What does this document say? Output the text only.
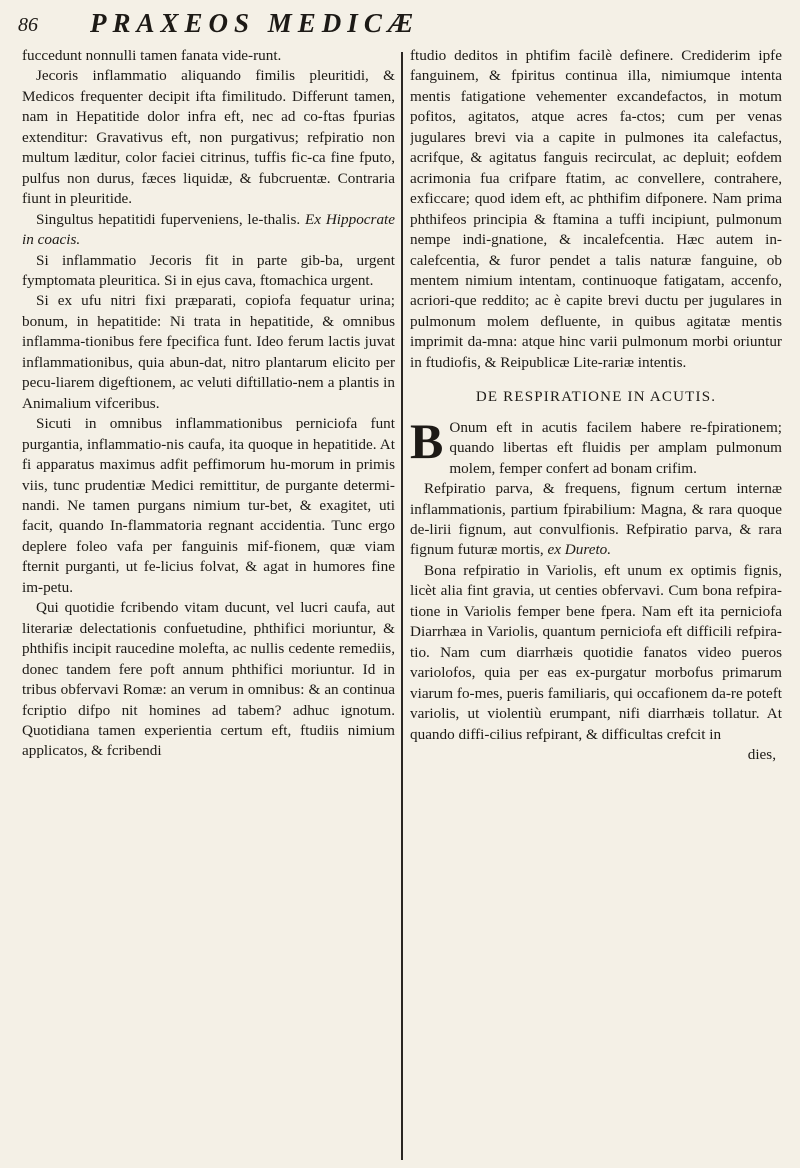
86 PRAXEOS MEDICÆ

fuccedunt nonnulli tamen fanata vide-runt.

Jecoris inflammatio aliquando fimilis pleuritidi, & Medicos frequenter decipit ifta fimilitudo. Differunt tamen, nam in Hepatitide dolor infra eft, nec ad co-ftas fpurias extenditur: Gravativus eft, non purgativus; refpiratio non multum læditur, color faciei citrinus, tuffis fic-ca fine fputo, pulfus non durus, fæces liquidæ, & fubcruentæ. Contraria fiunt in pleuritide.

Singultus hepatitidi fuperveniens, le-thalis. Ex Hippocrate in coacis.

Si inflammatio Jecoris fit in parte gib-ba, urgent fymptomata pleuritica. Si in ejus cava, ftomachica urgent.

Si ex ufu nitri fixi præparati, copiofa fequatur urina; bonum, in hepatitide: Ni trata in hepatitide, & omnibus inflamma-tionibus fere fpecifica funt. Ideo ferum lactis juvat inflammationibus, quia abun-dat, nitro plantarum elicito per pecu-liarem digeftionem, ac veluti diftillatio-nem a plantis in Animalium vifceribus.

Sicuti in omnibus inflammationibus perniciofa funt purgantia, inflammatio-nis caufa, ita quoque in hepatitide. At fi apparatus maximus adfit peffimorum hu-morum in primis viis, tunc prudentiæ Medici remittitur, de purgante determi-nandi. Ne tamen purgans nimium tur-bet, & exagitet, uti facit, quando In-flammatoria regnant accidentia. Tunc ergo deplere foleo vafa per fanguinis mif-fionem, quæ viam fternit purganti, ut fe-licius folvat, & agat in humores fine im-petu.

Qui quotidie fcribendo vitam ducunt, vel lucri caufa, aut literariæ delectationis confuetudine, phthifici moriuntur, & phthifis incipit raucedine molefta, ac nullis cedente remediis, donec tandem fere poft annum phthifici moriuntur. Id in tribus obfervavi Romæ: an verum in omnibus: & an continua fcriptio difpo nit homines ad tabem? adhuc ignotum. Quotidiana tamen experientia certum eft, ftudiis nimium applicatos, & fcribendi

ftudio deditos in phtifim facilè definere. Crediderim ipfe fanguinem, & fpiritus continua illa, nimiumque intenta mentis fatigatione vehementer excandefactos, in motum pofitos, agitatos, atque acres fa-ctos; cum per venas jugulares brevi via a capite in pulmones ita calefactus, acrifque, & agitatus fanguis recirculat, ac depluit; eofdem acrimonia fua crifpare ftatim, ac convellere, contrahere, exficcare; quod idem eft, ac phthifim difponere. Nam prima phthifeos principia & ftamina a tuffi incipiunt, pulmonum nempe indi-gnatione, & incalefcentia. Hæc autem in-calefcentia, & furor pendet a talis naturæ fanguine, ob mentem nimium intentam, continuoque fatigatam, accenfo, acriori-que reddito; ac è capite brevi ductu per jugulares in pulmonum molem defluente, in quibus agitatæ mentis imprimit da-mna: atque hinc varii pulmonum morbi oriuntur in ftudiofis, & Reipublicæ Lite-rariæ intentis.

DE RESPIRATIONE IN ACUTIS.

B Onum eft in acutis facilem habere re-fpirationem; quando libertas eft fluidis per amplam pulmonum molem, femper confert ad bonam crifim.

Refpiratio parva, & frequens, fignum certum internæ inflammationis, partium fpirabilium: Magna, & rara quoque de-lirii fignum, aut convulfionis. Refpiratio parva, & rara fignum futuræ mortis, ex Dureto.

Bona refpiratio in Variolis, eft unum ex optimis fignis, licèt alia fint gravia, ut centies obfervavi. Cum bona refpira-tione in Variolis femper bene fpera. Nam eft ita perniciofa Diarrhæa in Variolis, quantum perniciofa eft difficili refpira-tio. Nam cum diarrhæis quotidie fanatos video pueros variolofos, quia per eas ex-purgatur morbofus primarum viarum fo-mes, pueris familiaris, qui occafionem da-re poteft variolis, ut violentiù erumpant, nifi diarrhæis tollatur. At quando diffi-cilius refpirant, & difficultas crefcit in

dies,
